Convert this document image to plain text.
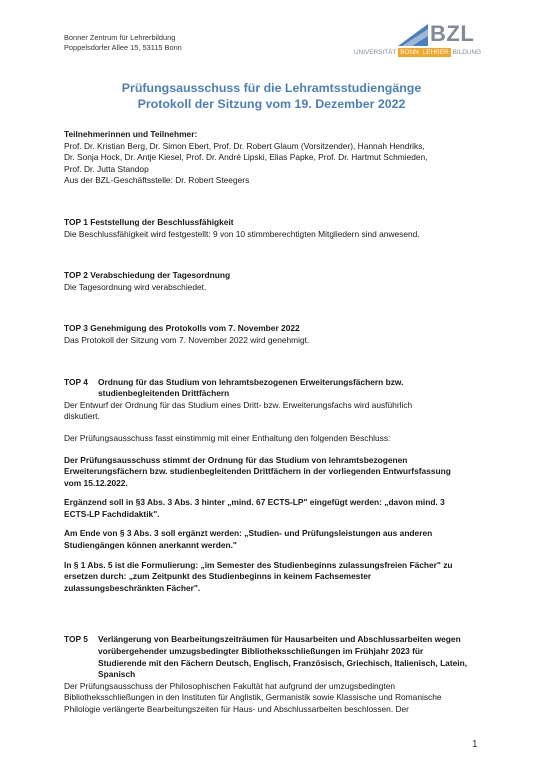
Bonner Zentrum für Lehrerbildung
Poppelsdorfer Allee 15, 53115 Bonn
BZL
UNIVERSITÄT BONN LEHRER BILDUNG
Prüfungsausschuss für die Lehramtsstudiengänge
Protokoll der Sitzung vom 19. Dezember 2022

Teilnehmerinnen und Teilnehmer:

Prof. Dr. Kristian Berg, Dr. Simon Ebert, Prof. Dr. Robert Glaum (Vorsitzender), Hannah Hendriks,

Dr. Sonja Hock, Dr. Antje Kiesel, Prof. Dr. André Lipski, Elias Papke, Prof. Dr. Hartmut Schmieden,

Prof. Dr. Jutta Standop

Aus der BZL-Geschäftsstelle: Dr. Robert Steegers

TOP 1 Feststellung der Beschlussfähigkeit

Die Beschlussfähigkeit wird festgestellt: 9 von 10 stimmberechtigten Mitgliedern sind anwesend.

TOP 2 Verabschiedung der Tagesordnung

Die Tagesordnung wird verabschiedet.

TOP 3 Genehmigung des Protokolls vom 7. November 2022

Das Protokoll der Sitzung vom 7. November 2022 wird genehmigt.

TOP 4	Ordnung für das Studium von lehramtsbezogenen Erweiterungsfächern bzw.
studienbegleitenden Drittfächern

Der Entwurf der Ordnung für das Studium eines Dritt- bzw. Erweiterungsfachs wird ausführlich

diskutiert.

Der Prüfungsausschuss fasst einstimmig mit einer Enthaltung den folgenden Beschluss:

Der Prüfungsausschuss stimmt der Ordnung für das Studium von lehramtsbezogenen

Erweiterungsfächern bzw. studienbegleitenden Drittfächern in der vorliegenden Entwurfsfassung

vom 15.12.2022.

Ergänzend soll in §3 Abs. 3 Abs. 3 hinter „mind. 67 ECTS-LP" eingefügt werden: „davon mind. 3

ECTS-LP Fachdidaktik".

Am Ende von § 3 Abs. 3 soll ergänzt werden: „Studien- und Prüfungsleistungen aus anderen

Studiengängen können anerkannt werden."

In § 1 Abs. 5 ist die Formulierung: „im Semester des Studienbeginns zulassungsfreien Fächer" zu

ersetzen durch: „zum Zeitpunkt des Studienbeginns in keinem Fachsemester

zulassungsbeschränkten Fächer".

TOP 5	Verlängerung von Bearbeitungszeiträumen für Hausarbeiten und Abschlussarbeiten wegen
vorübergehender umzugsbedingter Bibliotheksschließungen im Frühjahr 2023 für
Studierende mit den Fächern Deutsch, Englisch, Französisch, Griechisch, Italienisch, Latein,
Spanisch

Der Prüfungsausschuss der Philosophischen Fakultät hat aufgrund der umzugsbedingten

Bibliotheksschließungen in den Instituten für Anglistik, Germanistik sowie Klassische und Romanische

Philologie verlängerte Bearbeitungszeiten für Haus- und Abschlussarbeiten beschlossen. Der

1
